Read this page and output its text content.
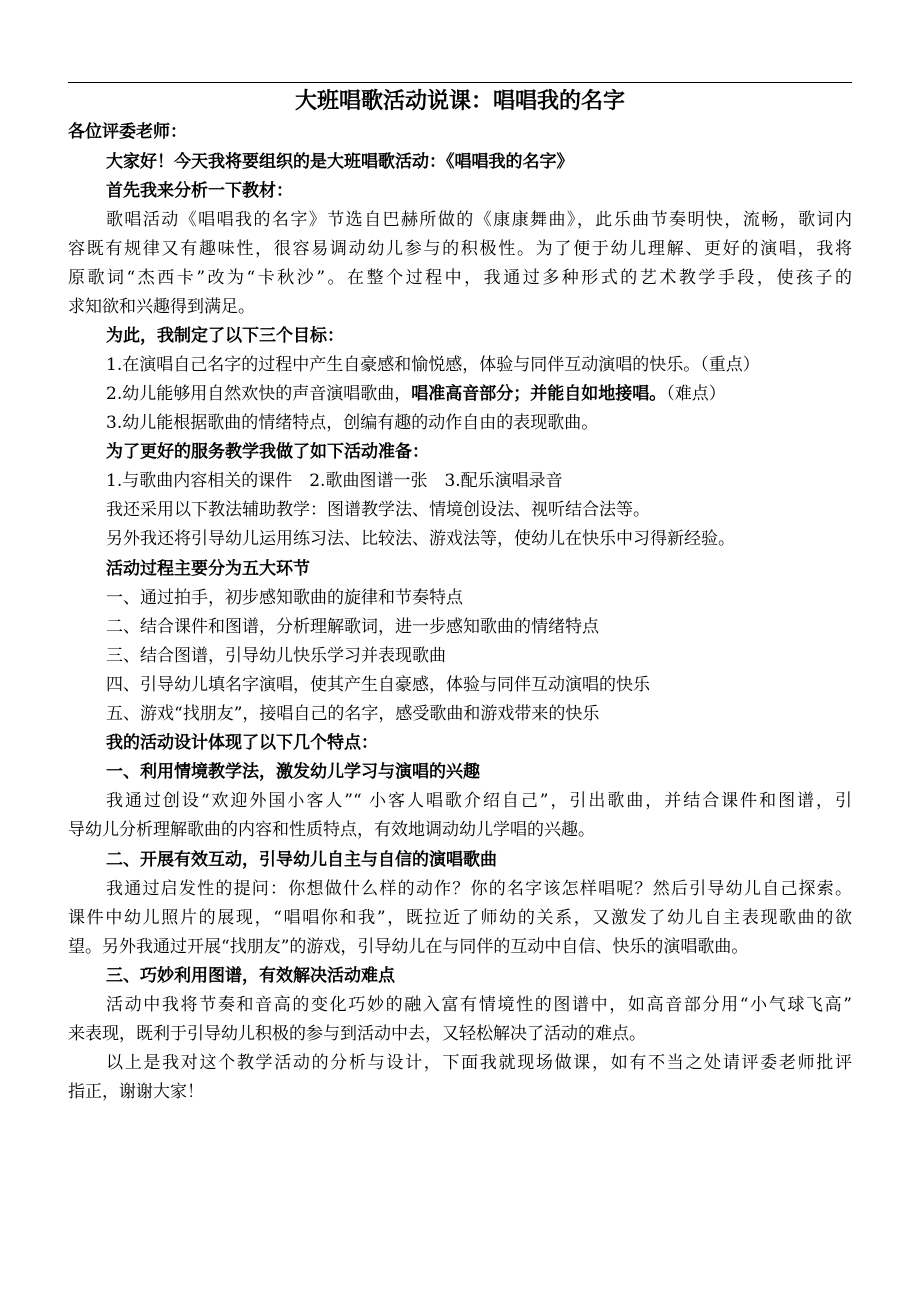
大班唱歌活动说课：唱唱我的名字
各位评委老师：
大家好！今天我将要组织的是大班唱歌活动：《唱唱我的名字》
首先我来分析一下教材：
歌唱活动《唱唱我的名字》节选自巴赫所做的《康康舞曲》，此乐曲节奏明快，流畅，歌词内
容既有规律又有趣味性，很容易调动幼儿参与的积极性。为了便于幼儿理解、更好的演唱，我将
原歌词“杰西卡”改为“卡秋沙”。在整个过程中，我通过多种形式的艺术教学手段，使孩子的
求知欲和兴趣得到满足。
为此，我制定了以下三个目标：
1.在演唱自己名字的过程中产生自豪感和愉悦感，体验与同伴互动演唱的快乐。（重点）
2.幼儿能够用自然欢快的声音演唱歌曲，唱准高音部分；并能自如地接唱。（难点）
3.幼儿能根据歌曲的情绪特点，创编有趣的动作自由的表现歌曲。
为了更好的服务教学我做了如下活动准备：
1.与歌曲内容相关的课件　2.歌曲图谱一张　3.配乐演唱录音
我还采用以下教法辅助教学：图谱教学法、情境创设法、视听结合法等。
另外我还将引导幼儿运用练习法、比较法、游戏法等，使幼儿在快乐中习得新经验。
活动过程主要分为五大环节
一、通过拍手，初步感知歌曲的旋律和节奏特点
二、结合课件和图谱，分析理解歌词，进一步感知歌曲的情绪特点
三、结合图谱，引导幼儿快乐学习并表现歌曲
四、引导幼儿填名字演唱，使其产生自豪感，体验与同伴互动演唱的快乐
五、游戏“找朋友”，接唱自己的名字，感受歌曲和游戏带来的快乐
我的活动设计体现了以下几个特点：
一、利用情境教学法，激发幼儿学习与演唱的兴趣
我通过创设“欢迎外国小客人”“ 小客人唱歌介绍自己”，引出歌曲，并结合课件和图谱，引
导幼儿分析理解歌曲的内容和性质特点，有效地调动幼儿学唱的兴趣。
二、开展有效互动，引导幼儿自主与自信的演唱歌曲
我通过启发性的提问：你想做什么样的动作？你的名字该怎样唱呢？然后引导幼儿自己探索。
课件中幼儿照片的展现，“唱唱你和我”，既拉近了师幼的关系，又激发了幼儿自主表现歌曲的欲
望。另外我通过开展“找朋友”的游戏，引导幼儿在与同伴的互动中自信、快乐的演唱歌曲。
三、巧妙利用图谱，有效解决活动难点
活动中我将节奏和音高的变化巧妙的融入富有情境性的图谱中，如高音部分用“小气球飞高”
来表现，既利于引导幼儿积极的参与到活动中去，又轻松解决了活动的难点。
以上是我对这个教学活动的分析与设计，下面我就现场做课，如有不当之处请评委老师批评
指正，谢谢大家！
